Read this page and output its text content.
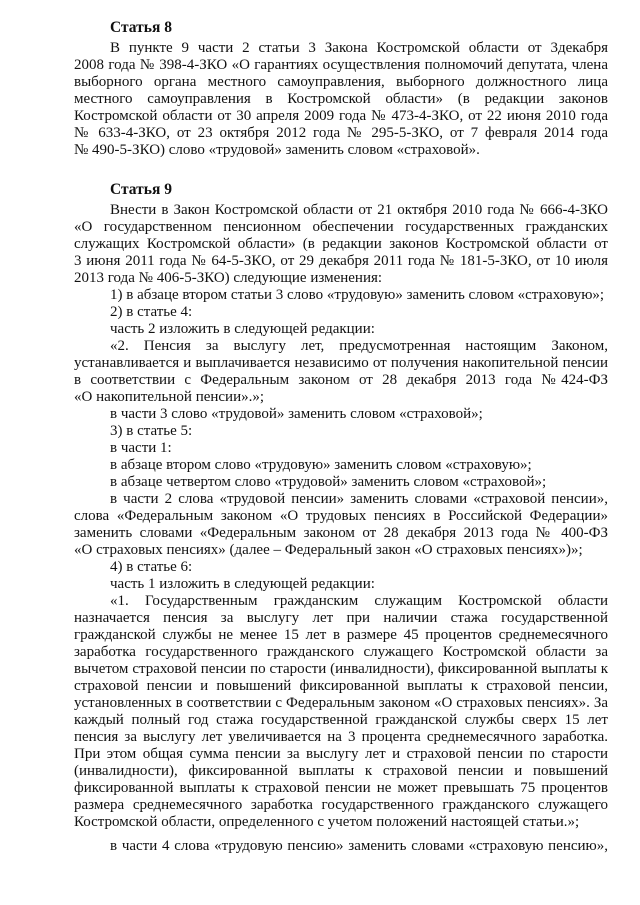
Статья 8
В пункте 9 части 2 статьи 3 Закона Костромской области от 3декабря
2008 года № 398-4-ЗКО «О гарантиях осуществления полномочий депутата, члена
выборного органа местного самоуправления, выборного должностного лица
местного самоуправления в Костромской области» (в редакции законов
Костромской области от 30 апреля 2009 года № 473-4-ЗКО, от 22 июня 2010 года
№ 633-4-ЗКО, от 23 октября 2012 года № 295-5-ЗКО, от 7 февраля 2014 года
№ 490-5-ЗКО) слово «трудовой» заменить словом «страховой».
Статья 9
Внести в Закон Костромской области от 21 октября 2010 года № 666-4-ЗКО
«О государственном пенсионном обеспечении государственных гражданских
служащих Костромской области» (в редакции законов Костромской области от
3 июня 2011 года № 64-5-ЗКО, от 29 декабря 2011 года № 181-5-ЗКО, от 10 июля
2013 года № 406-5-ЗКО) следующие изменения:
1) в абзаце втором статьи 3 слово «трудовую» заменить словом «страховую»;
2) в статье 4:
часть 2 изложить в следующей редакции:
«2. Пенсия за выслугу лет, предусмотренная настоящим Законом,
устанавливается и выплачивается независимо от получения накопительной пенсии
в соответствии с Федеральным законом от 28 декабря 2013 года №424-ФЗ
«О накопительной пенсии».»;
в части 3 слово «трудовой» заменить словом «страховой»;
3) в статье 5:
в части 1:
в абзаце втором слово «трудовую» заменить словом «страховую»;
в абзаце четвертом слово «трудовой» заменить словом «страховой»;
в части 2 слова «трудовой пенсии» заменить словами «страховой пенсии»,
слова «Федеральным законом «О трудовых пенсиях в Российской Федерации»
заменить словами «Федеральным законом от 28 декабря 2013 года № 400-ФЗ
«О страховых пенсиях» (далее – Федеральный закон «О страховых пенсиях»)»;
4) в статье 6:
часть 1 изложить в следующей редакции:
«1. Государственным гражданским служащим Костромской области
назначается пенсия за выслугу лет при наличии стажа государственной
гражданской службы не менее 15 лет в размере 45 процентов среднемесячного
заработка государственного гражданского служащего Костромской области за
вычетом страховой пенсии по старости (инвалидности), фиксированной выплаты к
страховой пенсии и повышений фиксированной выплаты к страховой пенсии,
установленных в соответствии с Федеральным законом «О страховых пенсиях». За
каждый полный год стажа государственной гражданской службы сверх 15 лет
пенсия за выслугу лет увеличивается на 3 процента среднемесячного заработка.
При этом общая сумма пенсии за выслугу лет и страховой пенсии по старости
(инвалидности), фиксированной выплаты к страховой пенсии и повышений
фиксированной выплаты к страховой пенсии не может превышать 75 процентов
размера среднемесячного заработка государственного гражданского служащего
Костромской области, определенного с учетом положений настоящей статьи.»;
в части 4 слова «трудовую пенсию» заменить словами «страховую пенсию»,
